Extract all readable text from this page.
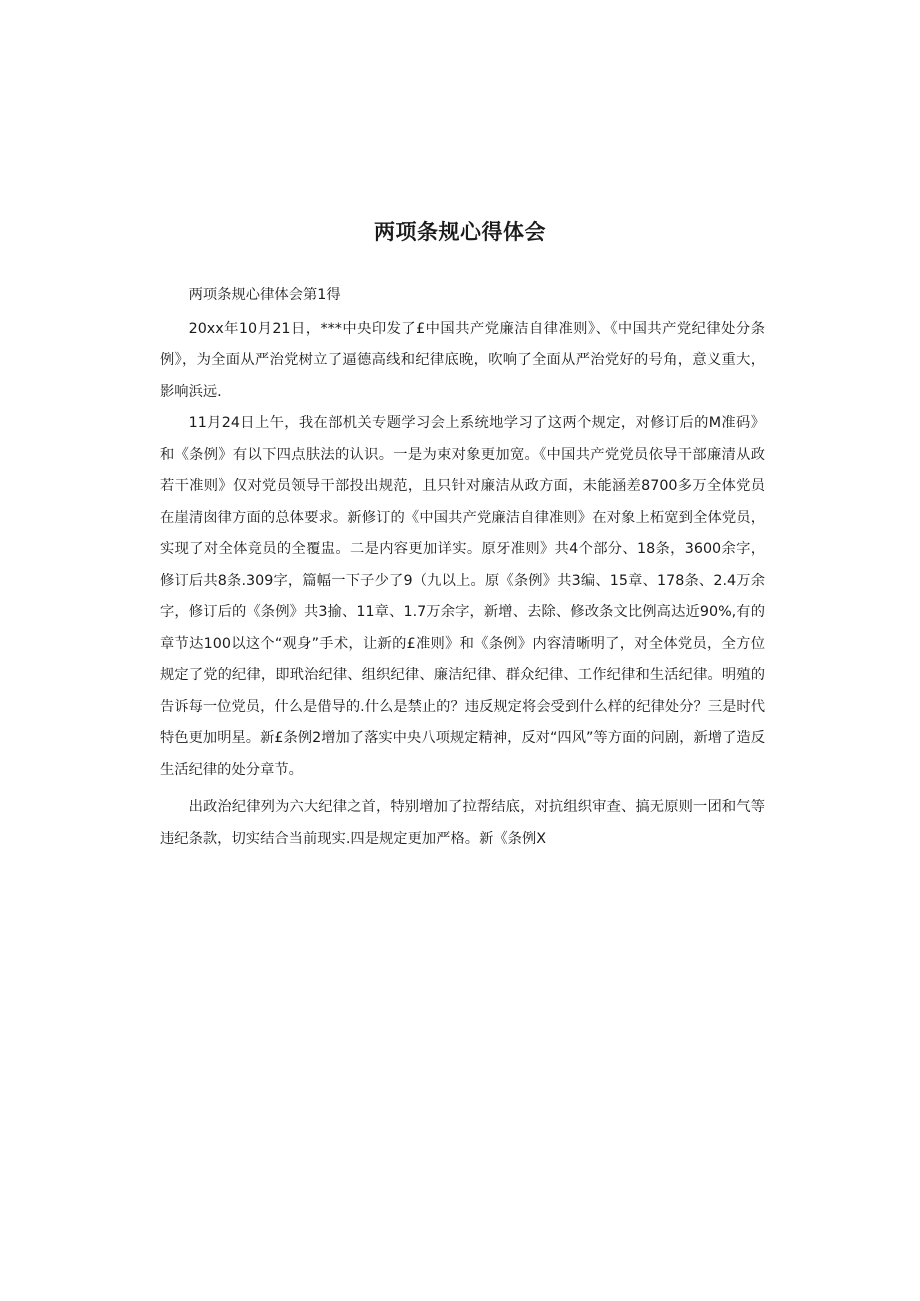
两项条规心得体会

两项条规心律体会第1得

20xx年10月21日，***中央印发了£中国共产党廉洁自律准则》、《中国共产党纪律处分条例》，为全面从严治党树立了逼德高线和纪律底晚，吹响了全面从严治党好的号角，意义重大，影响浜远.

11月24日上午，我在部机关专题学习会上系统地学习了这两个规定，对修订后的M准码》和《条例》有以下四点肤法的认识。一是为束对象更加宽。《中国共产党党员依导干部廉清从政若干准则》仅对党员领导干部投出规范，且只针对廉洁从政方面，未能涵差8700多万全体党员在崖清囱律方面的总体要求。新修订的《中国共产党廉洁自律准则》在对象上柘宽到全体党员，实现了对全体竞员的全覆盅。二是内容更加详实。原牙准则》共4个部分、18条，3600余字，修订后共8条.309字，篇幅一下子少了9（九以上。原《条例》共3编、15章、178条、2.4万余字，修订后的《条例》共3揄、11章、1.7万余字，新增、去除、修改条文比例高达近90%,有的章节达100以这个“观身”手术，让新的£准则》和《条例》内容清晰明了，对全体党员，全方位规定了党的纪律，即玳治纪律、组织纪律、廉洁纪律、群众纪律、工作纪律和生活纪律。明殖的告诉每一位党员，什么是借导的.什么是禁止的？违反规定将会受到什么样的纪律处分？三是时代特色更加明星。新£条例2增加了落实中央八项规定精神，反对“四风”等方面的问剧，新增了造反生活纪律的处分章节。

出政治纪律列为六大纪律之首，特别增加了拉帮结底，对抗组织审查、搞无原则一团和气等违纪条款，切实结合当前现实.四是规定更加严格。新《条例X
